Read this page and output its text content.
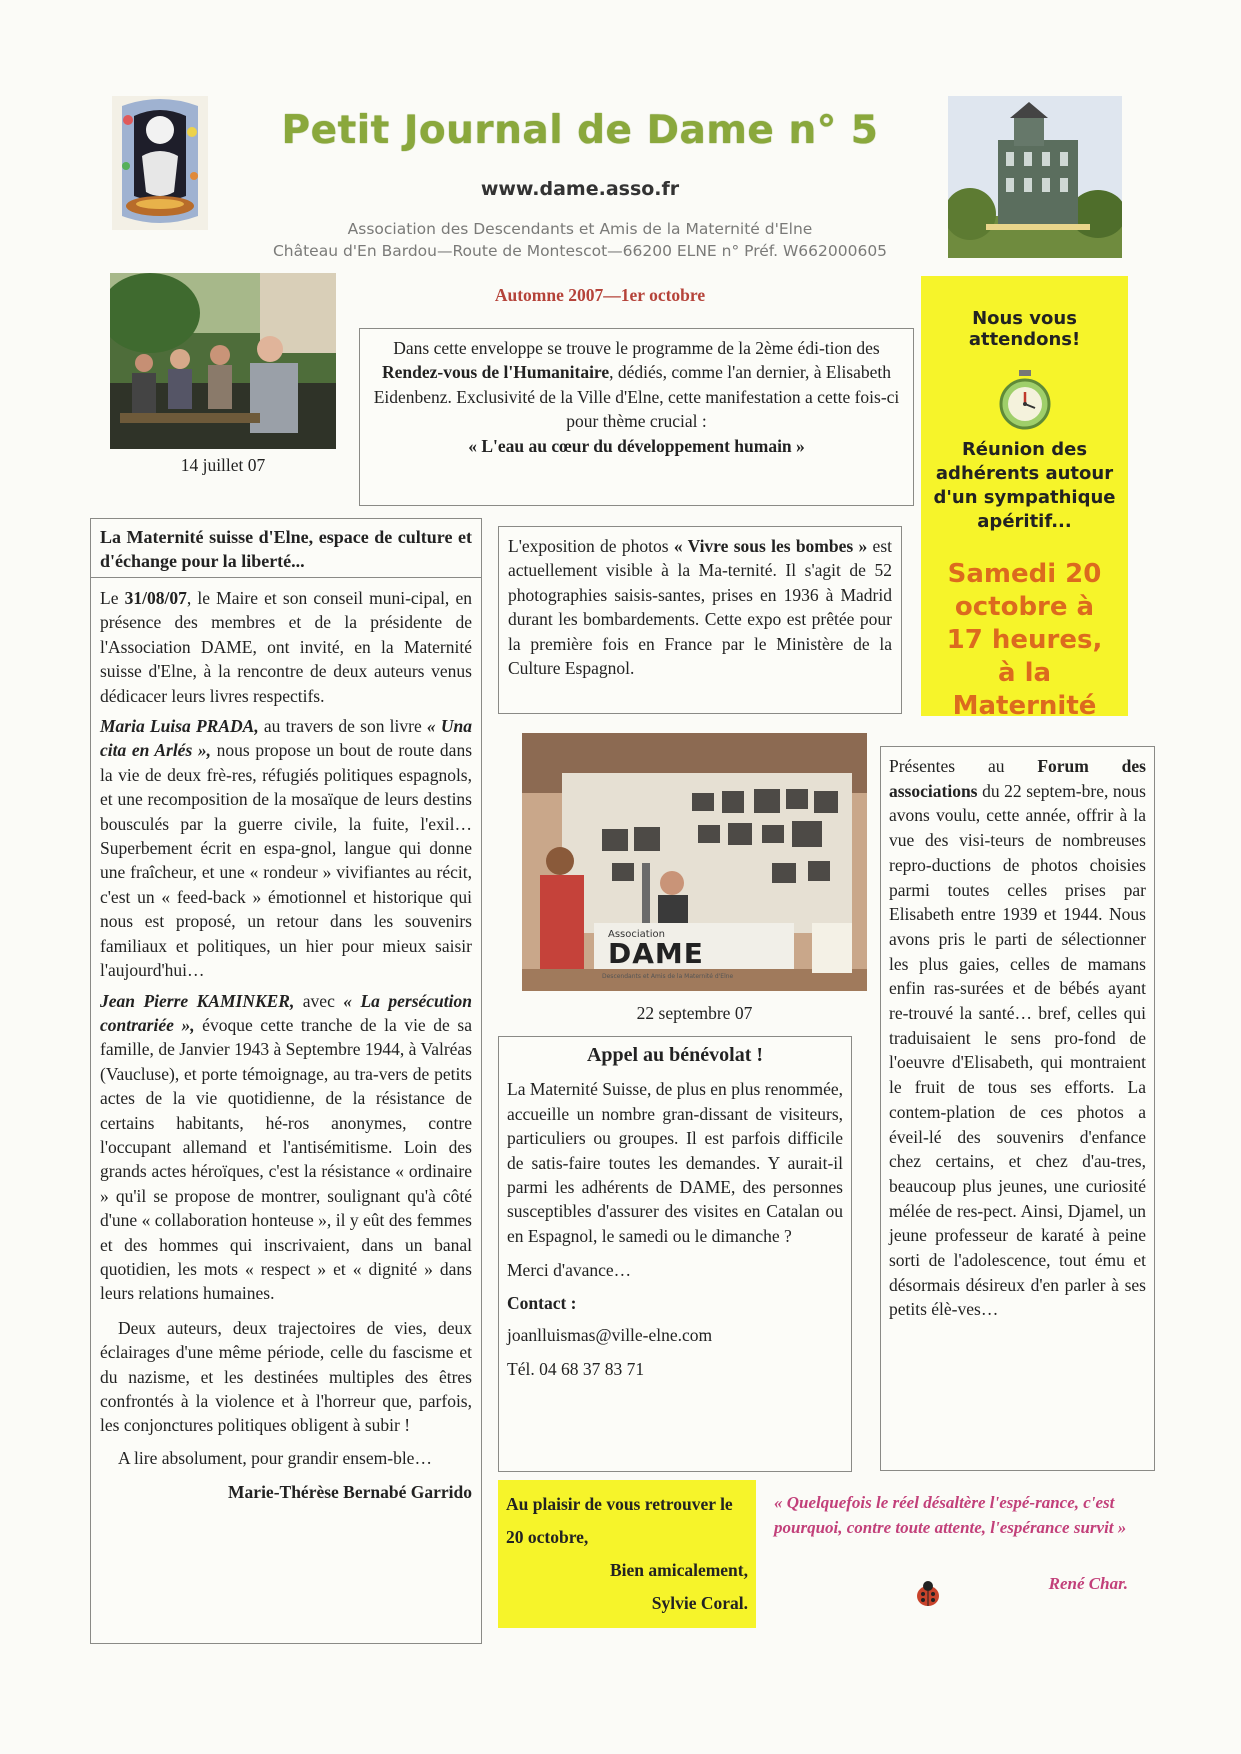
Petit Journal de Dame n° 5
www.dame.asso.fr
Association des Descendants et Amis de la Maternité d'Elne
Château d'En Bardou—Route de Montescot—66200 ELNE n° Préf. W662000605
14 juillet 07
Automne 2007—1er octobre
Dans cette enveloppe se trouve le programme de la 2ème édi-tion des Rendez-vous de l'Humanitaire, dédiés, comme l'an dernier, à Elisabeth Eidenbenz. Exclusivité de la Ville d'Elne, cette manifestation a cette fois-ci pour thème crucial :
« L'eau au cœur du développement humain »
Nous vous attendons!
Réunion des adhérents autour d'un sympathique apéritif...
Samedi 20 octobre à 17 heures, à la Maternité
La Maternité suisse d'Elne, espace de culture et d'échange pour la liberté...

Le 31/08/07, le Maire et son conseil muni-cipal, en présence des membres et de la présidente de l'Association DAME, ont invité, en la Maternité suisse d'Elne, à la rencontre de deux auteurs venus dédicacer leurs livres respectifs.

Maria Luisa PRADA, au travers de son livre « Una cita en Arlés », nous propose un bout de route dans la vie de deux frè-res, réfugiés politiques espagnols, et une recomposition de la mosaïque de leurs destins bousculés par la guerre civile, la fuite, l'exil… Superbement écrit en espa-gnol, langue qui donne une fraîcheur, et une « rondeur » vivifiantes au récit, c'est un « feed-back » émotionnel et historique qui nous est proposé, un retour dans les souvenirs familiaux et politiques, un hier pour mieux saisir l'aujourd'hui…

Jean Pierre KAMINKER, avec « La persécution contrariée », évoque cette tranche de la vie de sa famille, de Janvier 1943 à Septembre 1944, à Valréas (Vaucluse), et porte témoignage, au tra-vers de petits actes de la vie quotidienne, de la résistance de certains habitants, hé-ros anonymes, contre l'occupant allemand et l'antisémitisme. Loin des grands actes héroïques, c'est la résistance « ordinaire » qu'il se propose de montrer, soulignant qu'à côté d'une « collaboration honteuse », il y eût des femmes et des hommes qui inscrivaient, dans un banal quotidien, les mots « respect » et « dignité » dans leurs relations humaines.

Deux auteurs, deux trajectoires de vies, deux éclairages d'une même période, celle du fascisme et du nazisme, et les destinées multiples des êtres confrontés à la violence et à l'horreur que, parfois, les conjonctures politiques obligent à subir !

A lire absolument, pour grandir ensem-ble…

Marie-Thérèse Bernabé Garrido
L'exposition de photos « Vivre sous les bombes » est actuellement visible à la Ma-ternité. Il s'agit de 52 photographies saisis-santes, prises en 1936 à Madrid durant les bombardements. Cette expo est prêtée pour la première fois en France par le Ministère de la Culture Espagnol.
Association
DAME
Descendants et Amis de la Maternité d'Elne
22 septembre 07
Présentes au Forum des associations du 22 septem-bre, nous avons voulu, cette année, offrir à la vue des visi-teurs de nombreuses repro-ductions de photos choisies parmi toutes celles prises par Elisabeth entre 1939 et 1944. Nous avons pris le parti de sélectionner les plus gaies, celles de mamans enfin ras-surées et de bébés ayant re-trouvé la santé… bref, celles qui traduisaient le sens pro-fond de l'oeuvre d'Elisabeth, qui montraient le fruit de tous ses efforts. La contem-plation de ces photos a éveil-lé des souvenirs d'enfance chez certains, et chez d'au-tres, beaucoup plus jeunes, une curiosité mélée de res-pect. Ainsi, Djamel, un jeune professeur de karaté à peine sorti de l'adolescence, tout ému et désormais désireux d'en parler à ses petits élè-ves…
Appel au bénévolat !

La Maternité Suisse, de plus en plus renommée, accueille un nombre gran-dissant de visiteurs, particuliers ou groupes. Il est parfois difficile de satis-faire toutes les demandes. Y aurait-il parmi les adhérents de DAME, des personnes susceptibles d'assurer des visites en Catalan ou en Espagnol, le samedi ou le dimanche ?

Merci d'avance…

Contact :

joanlluismas@ville-elne.com

Tél. 04 68 37 83 71

Au plaisir de vous retrouver le 20 octobre,
Bien amicalement,
Sylvie Coral.
« Quelquefois le réel désaltère l'espé-rance, c'est pourquoi, contre toute attente, l'espérance survit »
René Char.
